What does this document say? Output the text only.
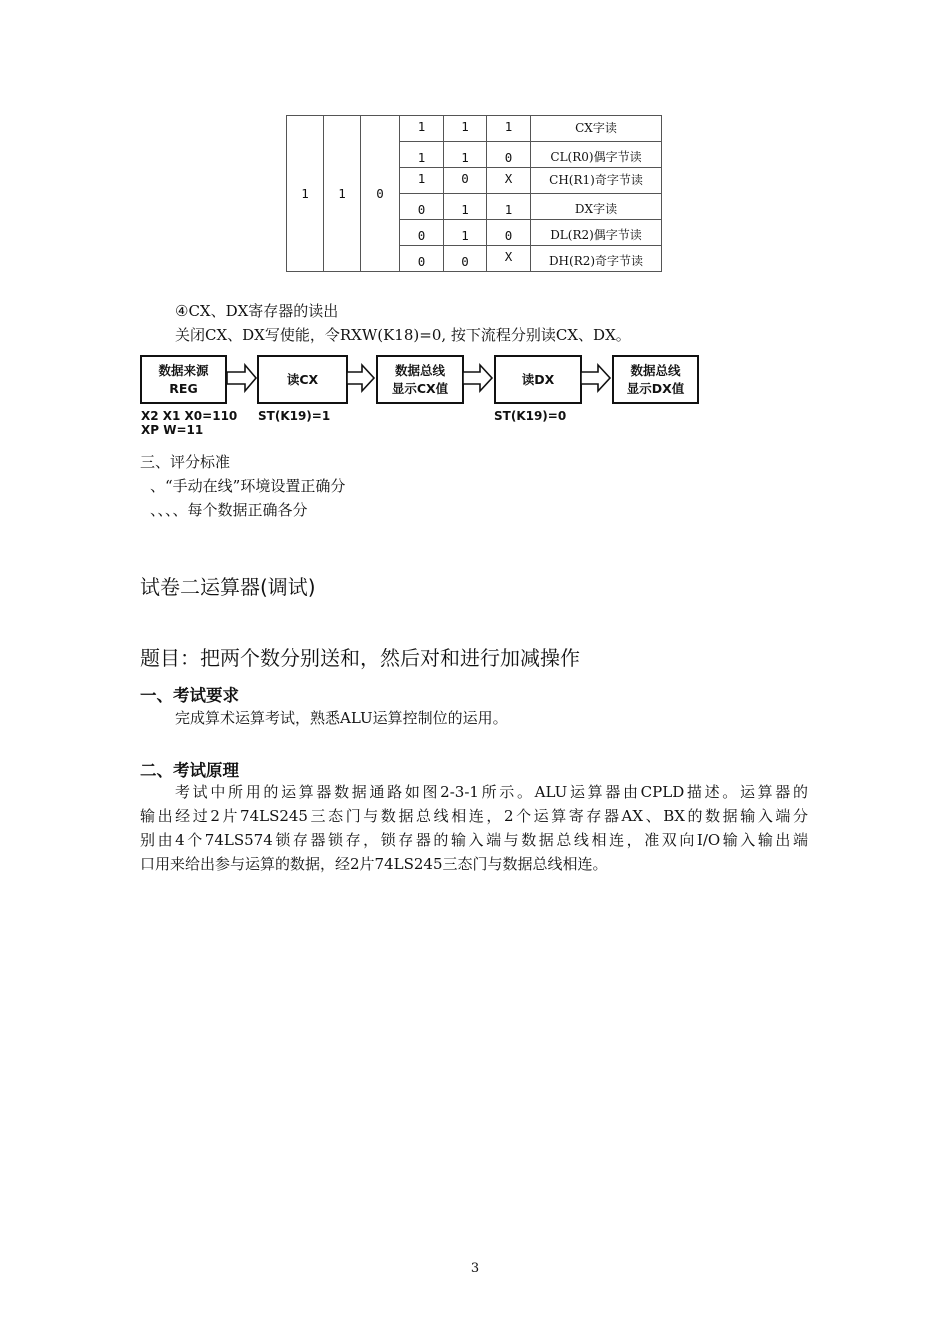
1	1	0	1	1	1	CX字读
			1	1	0	CL(R0)偶字节读
			1	0	X	CH(R1)奇字节读
			0	1	1	DX字读
			0	1	0	DL(R2)偶字节读
			0	0	X	DH(R2)奇字节读
④CX、DX寄存器的读出
关闭CX、DX写使能，令RXW(K18)=0, 按下流程分别读CX、DX。
数据来源
REG
读CX
数据总线
显示CX值
读DX
数据总线
显示DX值
X2 X1 X0=110
XP W=11
ST(K19)=1	ST(K19)=0
三、评分标准
、“手动在线”环境设置正确分
、、、、每个数据正确各分
试卷二运算器(调试)
题目：把两个数分别送和，然后对和进行加减操作
一、考试要求
完成算术运算考试，熟悉ALU运算控制位的运用。
二、考试原理
考试中所用的运算器数据通路如图2-3-1所示。ALU运算器由CPLD描述。运算器的
输出经过2片74LS245三态门与数据总线相连，2个运算寄存器AX、BX的数据输入端分
别由4个74LS574锁存器锁存，锁存器的输入端与数据总线相连，准双向I/O输入输出端
口用来给出参与运算的数据，经2片74LS245三态门与数据总线相连。
3
